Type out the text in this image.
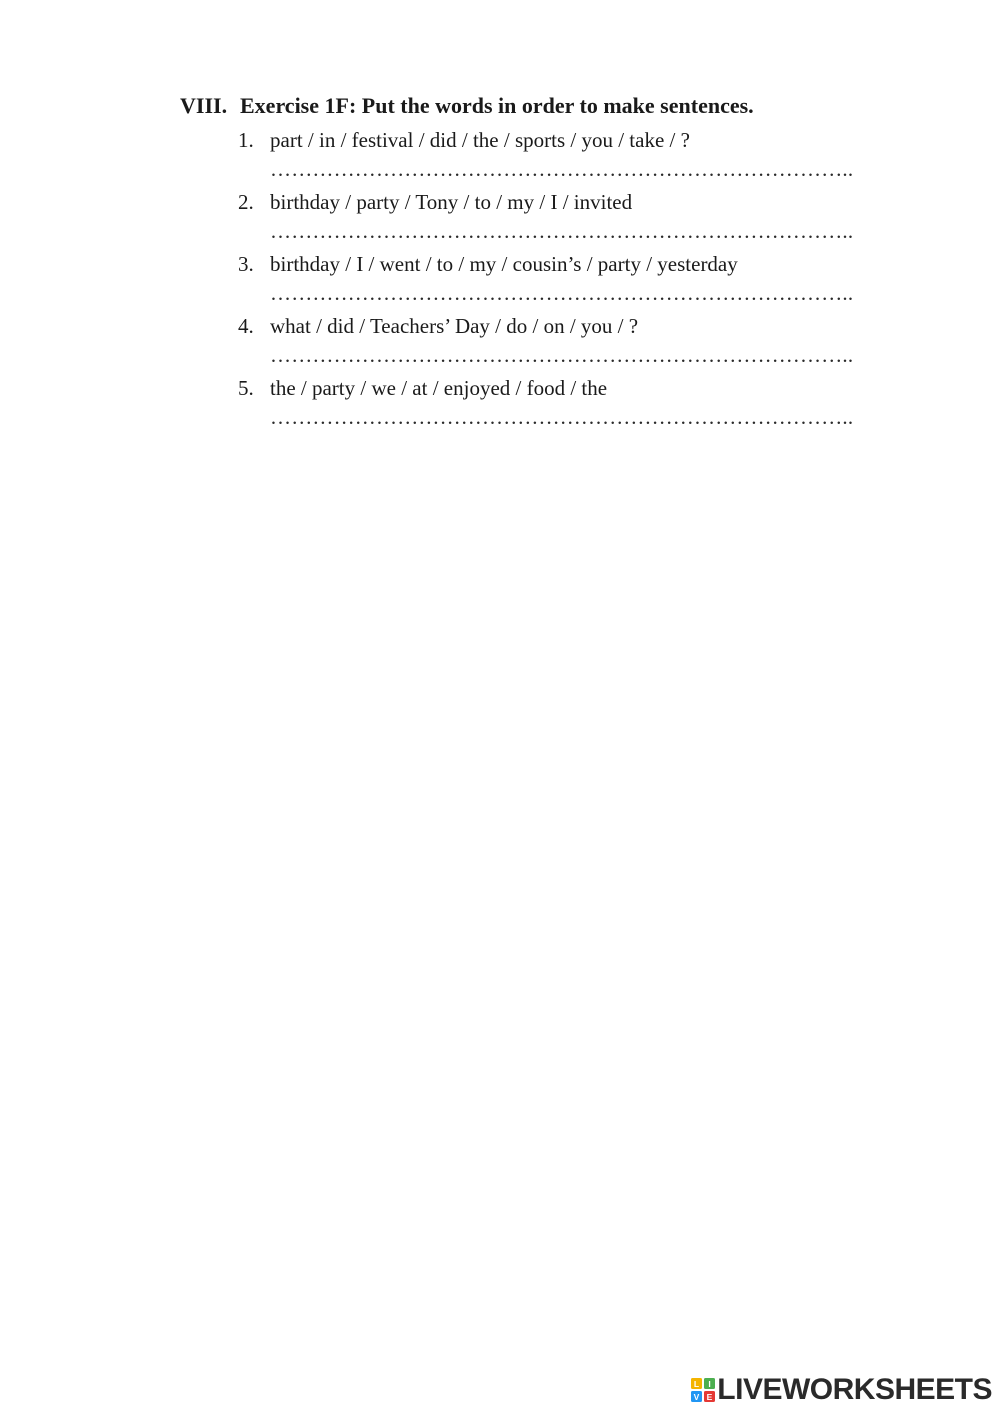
VIII. Exercise 1F: Put the words in order to make sentences.
1. part / in / festival / did / the / sports / you / take / ?
………………………………………………………………………..
2. birthday / party / Tony / to / my / I / invited
………………………………………………………………………..
3. birthday / I / went / to / my / cousin’s / party / yesterday
………………………………………………………………………..
4. what / did / Teachers’ Day / do / on / you / ?
………………………………………………………………………..
5. the / party / we / at / enjoyed / food / the
………………………………………………………………………..
L I
V E LIVEWORKSHEETS
